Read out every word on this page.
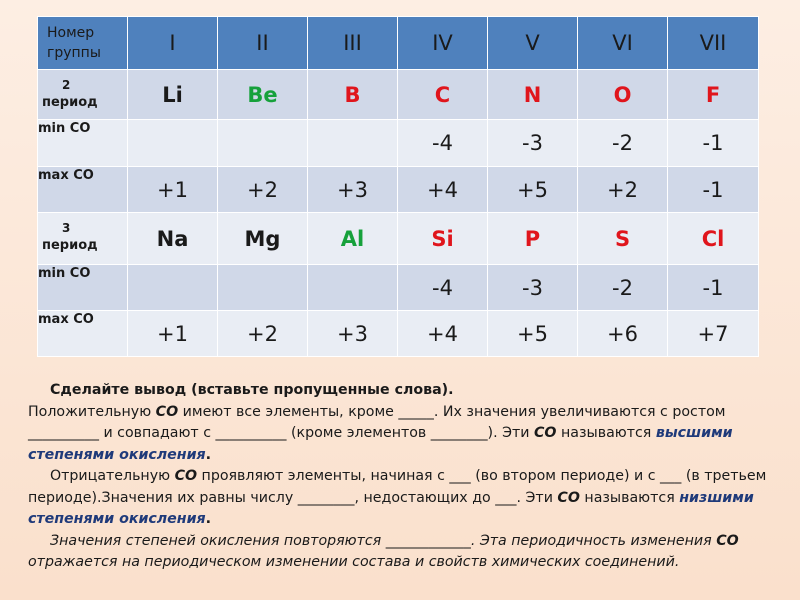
Номер группы	I	II	III	IV	V	VI	VII

2
период	Li	Be	B	C	N	O	F
min CO				-4	-3	-2	-1
max CO	+1	+2	+3	+4	+5	+2	-1

3
период	Na	Mg	Al	Si	P	S	Cl
min CO				-4	-3	-2	-1
max CO	+1	+2	+3	+4	+5	+6	+7

Сделайте вывод (вставьте пропущенные слова).

Положительную СО имеют все элементы, кроме _____. Их значения увеличиваются с ростом __________ и совпадают с __________ (кроме элементов ________). Эти СО называются высшими степенями окисления.

Отрицательную СО проявляют элементы, начиная с ___ (во втором периоде) и с ___ (в третьем периоде).Значения их равны числу ________, недостающих до ___. Эти СО называются низшими степенями окисления.

Значения степеней окисления повторяются ____________. Эта периодичность изменения СО отражается на периодическом изменении состава и свойств химических соединений.
